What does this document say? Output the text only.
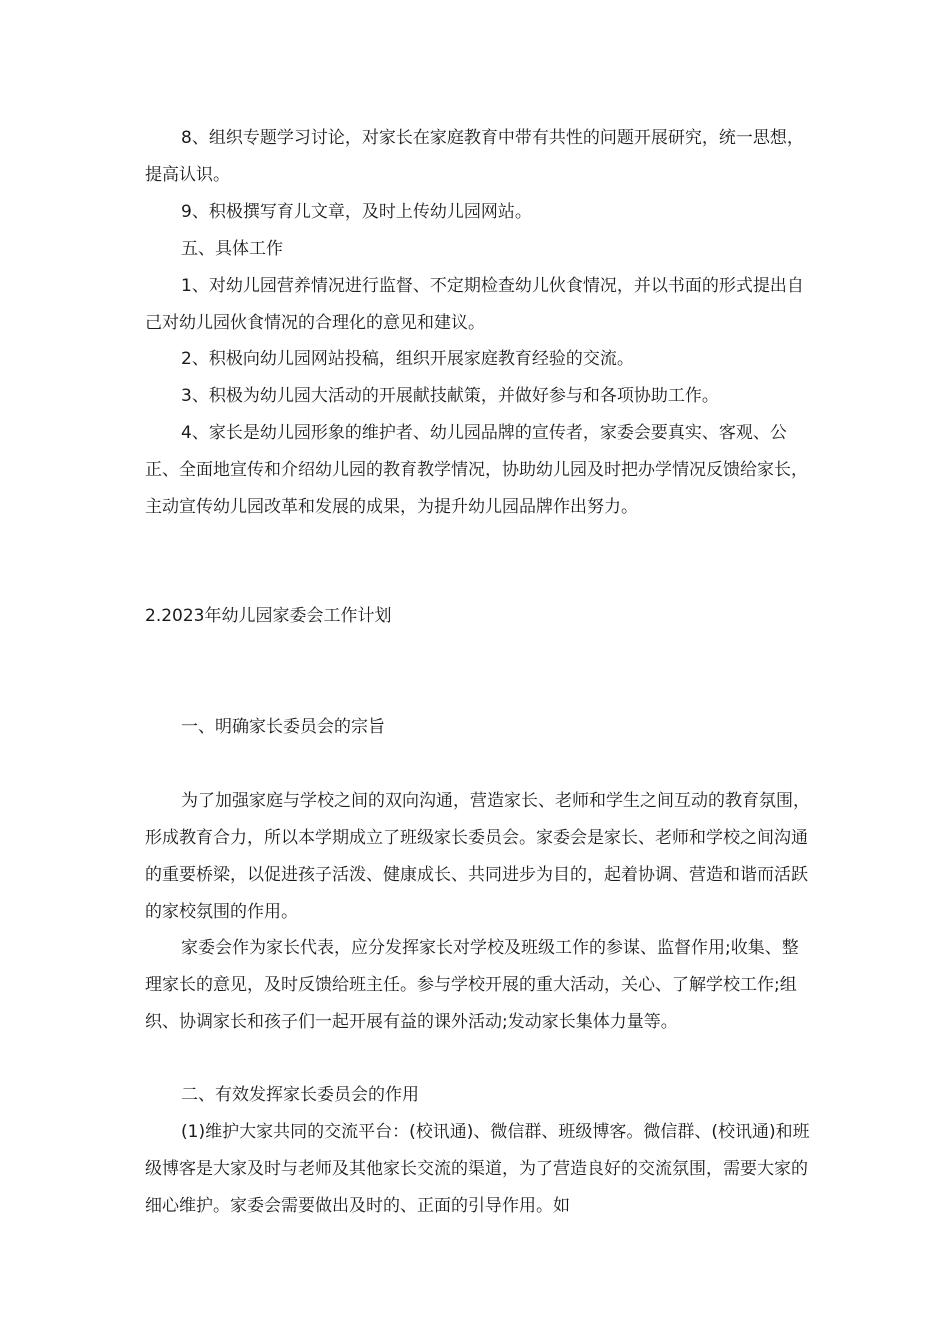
8、组织专题学习讨论，对家长在家庭教育中带有共性的问题开展研究，统一思想，提高认识。

9、积极撰写育儿文章，及时上传幼儿园网站。

五、具体工作

1、对幼儿园营养情况进行监督、不定期检查幼儿伙食情况，并以书面的形式提出自己对幼儿园伙食情况的合理化的意见和建议。

2、积极向幼儿园网站投稿，组织开展家庭教育经验的交流。

3、积极为幼儿园大活动的开展献技献策，并做好参与和各项协助工作。

4、家长是幼儿园形象的维护者、幼儿园品牌的宣传者，家委会要真实、客观、公正、全面地宣传和介绍幼儿园的教育教学情况，协助幼儿园及时把办学情况反馈给家长，主动宣传幼儿园改革和发展的成果，为提升幼儿园品牌作出努力。

2.2023年幼儿园家委会工作计划

一、明确家长委员会的宗旨

为了加强家庭与学校之间的双向沟通，营造家长、老师和学生之间互动的教育氛围，形成教育合力，所以本学期成立了班级家长委员会。家委会是家长、老师和学校之间沟通的重要桥梁，以促进孩子活泼、健康成长、共同进步为目的，起着协调、营造和谐而活跃的家校氛围的作用。

家委会作为家长代表，应分发挥家长对学校及班级工作的参谋、监督作用;收集、整理家长的意见，及时反馈给班主任。参与学校开展的重大活动，关心、了解学校工作;组织、协调家长和孩子们一起开展有益的课外活动;发动家长集体力量等。

二、有效发挥家长委员会的作用

(1)维护大家共同的交流平台：(校讯通)、微信群、班级博客。微信群、(校讯通)和班级博客是大家及时与老师及其他家长交流的渠道，为了营造良好的交流氛围，需要大家的细心维护。家委会需要做出及时的、正面的引导作用。如
